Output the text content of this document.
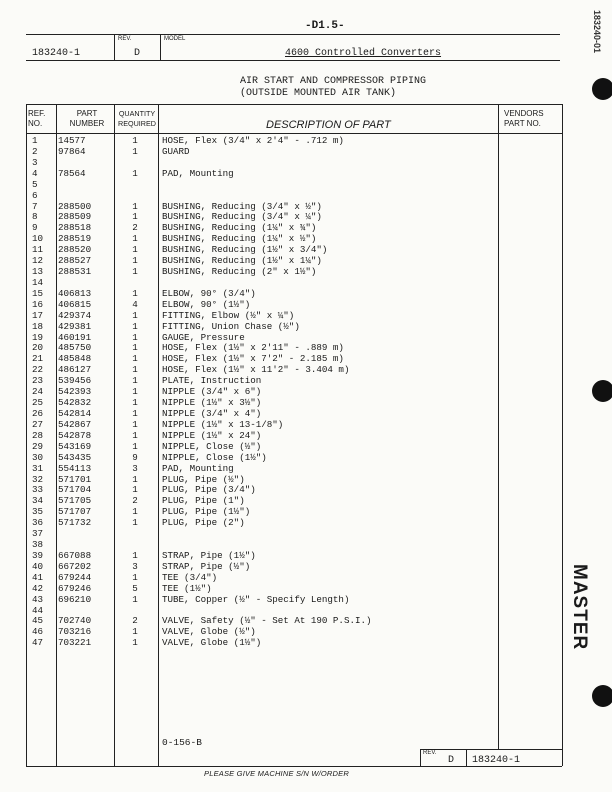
-D1.5-
REV.	MODEL
183240-1	D	4600 Controlled Converters
AIR START AND COMPRESSOR PIPING
(OUTSIDE MOUNTED AIR TANK)
REF.
NO.
PART
NUMBER
QUANTITY
REQUIRED	DESCRIPTION OF PART
VENDORS
PART NO.
1	14577	1	HOSE, Flex (3/4" x 2'4" - .712 m)
2	97864	1	GUARD
3
4	78564	1	PAD, Mounting
5
6
7	288500	1	BUSHING, Reducing (3/4" x ½")
8	288509	1	BUSHING, Reducing (3/4" x ¼")
9	288518	2	BUSHING, Reducing (1¼" x ¾")
10	288519	1	BUSHING, Reducing (1¼" x ½")
11	288520	1	BUSHING, Reducing (1½" x 3/4")
12	288527	1	BUSHING, Reducing (1½" x 1¼")
13	288531	1	BUSHING, Reducing (2" x 1½")
14
15	406813	1	ELBOW, 90° (3/4")
16	406815	4	ELBOW, 90° (1½")
17	429374	1	FITTING, Elbow (½" x ¼")
18	429381	1	FITTING, Union Chase (½")
19	460191	1	GAUGE, Pressure
20	485750	1	HOSE, Flex (1½" x 2'11" - .889 m)
21	485848	1	HOSE, Flex (1½" x 7'2" - 2.185 m)
22	486127	1	HOSE, Flex (1½" x 11'2" - 3.404 m)
23	539456	1	PLATE, Instruction
24	542393	1	NIPPLE (3/4" x 6")
25	542832	1	NIPPLE (1½" x 3½")
26	542814	1	NIPPLE (3/4" x 4")
27	542867	1	NIPPLE (1½" x 13-1/8")
28	542878	1	NIPPLE (1½" x 24")
29	543169	1	NIPPLE, Close (½")
30	543435	9	NIPPLE, Close (1½")
31	554113	3	PAD, Mounting
32	571701	1	PLUG, Pipe (½")
33	571704	1	PLUG, Pipe (3/4")
34	571705	2	PLUG, Pipe (1")
35	571707	1	PLUG, Pipe (1½")
36	571732	1	PLUG, Pipe (2")
37
38
39	667088	1	STRAP, Pipe (1½")
40	667202	3	STRAP, Pipe (½")
41	679244	1	TEE (3/4")
42	679246	5	TEE (1½")
43	696210	1	TUBE, Copper (½" - Specify Length)
44
45	702740	2	VALVE, Safety (½" - Set At 190 P.S.I.)
46	703216	1	VALVE, Globe (½")
47	703221	1	VALVE, Globe (1½")
0-156-B
REV.
D 183240-1
PLEASE GIVE MACHINE S/N W/ORDER
183240-01
MASTER
